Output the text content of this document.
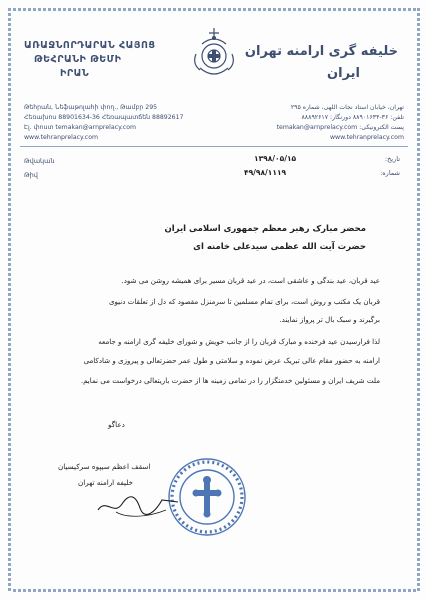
ԱՌԱՋՆՈՐԴԱՐԱՆ ՀԱՅՈՑ
ԹԵՀՐԱՆԻ ԹԵՄԻ
ԻՐԱՆ
خلیفه گری ارامنه تهران
ایران
Թեհրան, Նեֆաթոլահի փող., Թամբր 295
Հեռախոս 88901634-36 Հեռապատճեն 88892617
Էլ. փոստ temakan@arnprelacy.com
www.tehranprelacy.com
تهران، خیابان استاد نجات اللهی، شماره ۲۹۵
تلفن: ۳۶-۸۸۹۰۱۶۳۴ دورنگار: ۸۸۸۹۲۶۱۷
پست الکترونیکی: temakan@arnprelacy.com
www.tehranprelacy.com
Թվական
Թիվ
تاریخ:
۱۳۹۸/۰۵/۱۵
شماره:
۴۹/۹۸/۱۱۱۹
محضر مبارک رهبر معظم جمهوری اسلامی ایران
حضرت آیت الله عظمی سیدعلی خامنه ای
عید قربان، عید بندگی و عاشقی است، در عید قربان مسیر برای همیشه روشن می شود.
قربان یک مکتب و روش است، برای تمام مسلمین تا سرمنزل مقصود که دل از تعلقات دنیوی
برگیرند و سبک بال تر پرواز نمایند.
لذا فرارسیدن عید فرخنده و مبارک قربان را از جانب خویش و شورای خلیفه گری ارامنه و جامعه
ارامنه به حضور مقام عالی تبریک عرض نموده و سلامتی و طول عمر حضرتعالی و پیروزی و شادکامی
ملت شریف ایران و مسئولین خدمتگزار را در تمامی زمینه ها از حضرت باریتعالی درخواست می نمایم.
دعاگو
اسقف اعظم سیپوه سرکیسیان
خلیفه ارامنه تهران
